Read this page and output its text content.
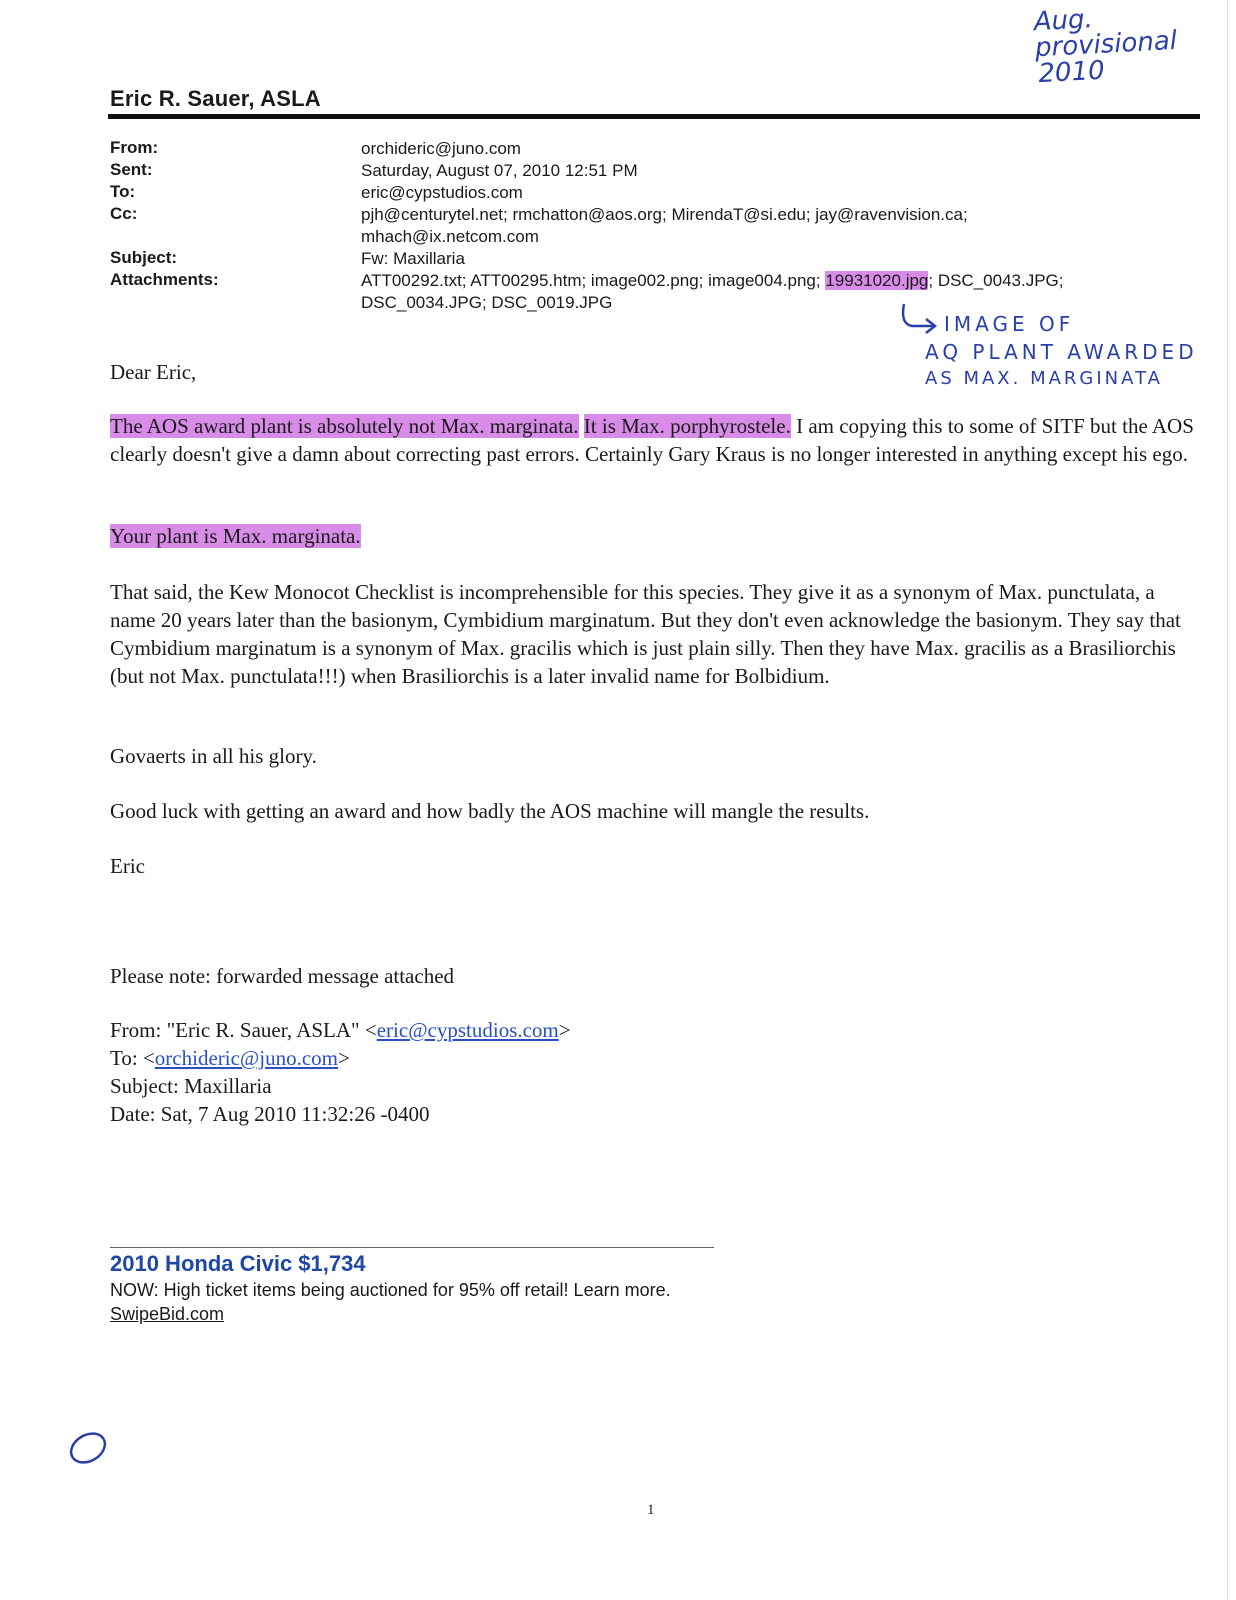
Aug. provisional
2010
Eric R. Sauer, ASLA
From:
Sent:
To:
Cc:
Subject:
Attachments:
orchideric@juno.com
Saturday, August 07, 2010 12:51 PM
eric@cypstudios.com
pjh@centurytel.net; rmchatton@aos.org; MirendaT@si.edu; jay@ravenvision.ca;
mhach@ix.netcom.com
Fw: Maxillaria
ATT00292.txt; ATT00295.htm; image002.png; image004.png; 19931020.jpg; DSC_0043.JPG;
DSC_0034.JPG; DSC_0019.JPG
IMAGE OF
AQ PLANT AWARDED
AS MAX. MARGINATA
Dear Eric,

The AOS award plant is absolutely not Max. marginata. It is Max. porphyrostele. I am copying this to some of SITF but the AOS clearly doesn't give a damn about correcting past errors. Certainly Gary Kraus is no longer interested in anything except his ego.

Your plant is Max. marginata.

That said, the Kew Monocot Checklist is incomprehensible for this species. They give it as a synonym of Max. punctulata, a name 20 years later than the basionym, Cymbidium marginatum. But they don't even acknowledge the basionym. They say that Cymbidium marginatum is a synonym of Max. gracilis which is just plain silly. Then they have Max. gracilis as a Brasiliorchis (but not Max. punctulata!!!) when Brasiliorchis is a later invalid name for Bolbidium.

Govaerts in all his glory.
Good luck with getting an award and how badly the AOS machine will mangle the results.
Eric
Please note: forwarded message attached
From: "Eric R. Sauer, ASLA" <eric@cypstudios.com>
To: <orchideric@juno.com>
Subject: Maxillaria
Date: Sat, 7 Aug 2010 11:32:26 -0400
2010 Honda Civic $1,734
NOW: High ticket items being auctioned for 95% off retail! Learn more.
SwipeBid.com
1
